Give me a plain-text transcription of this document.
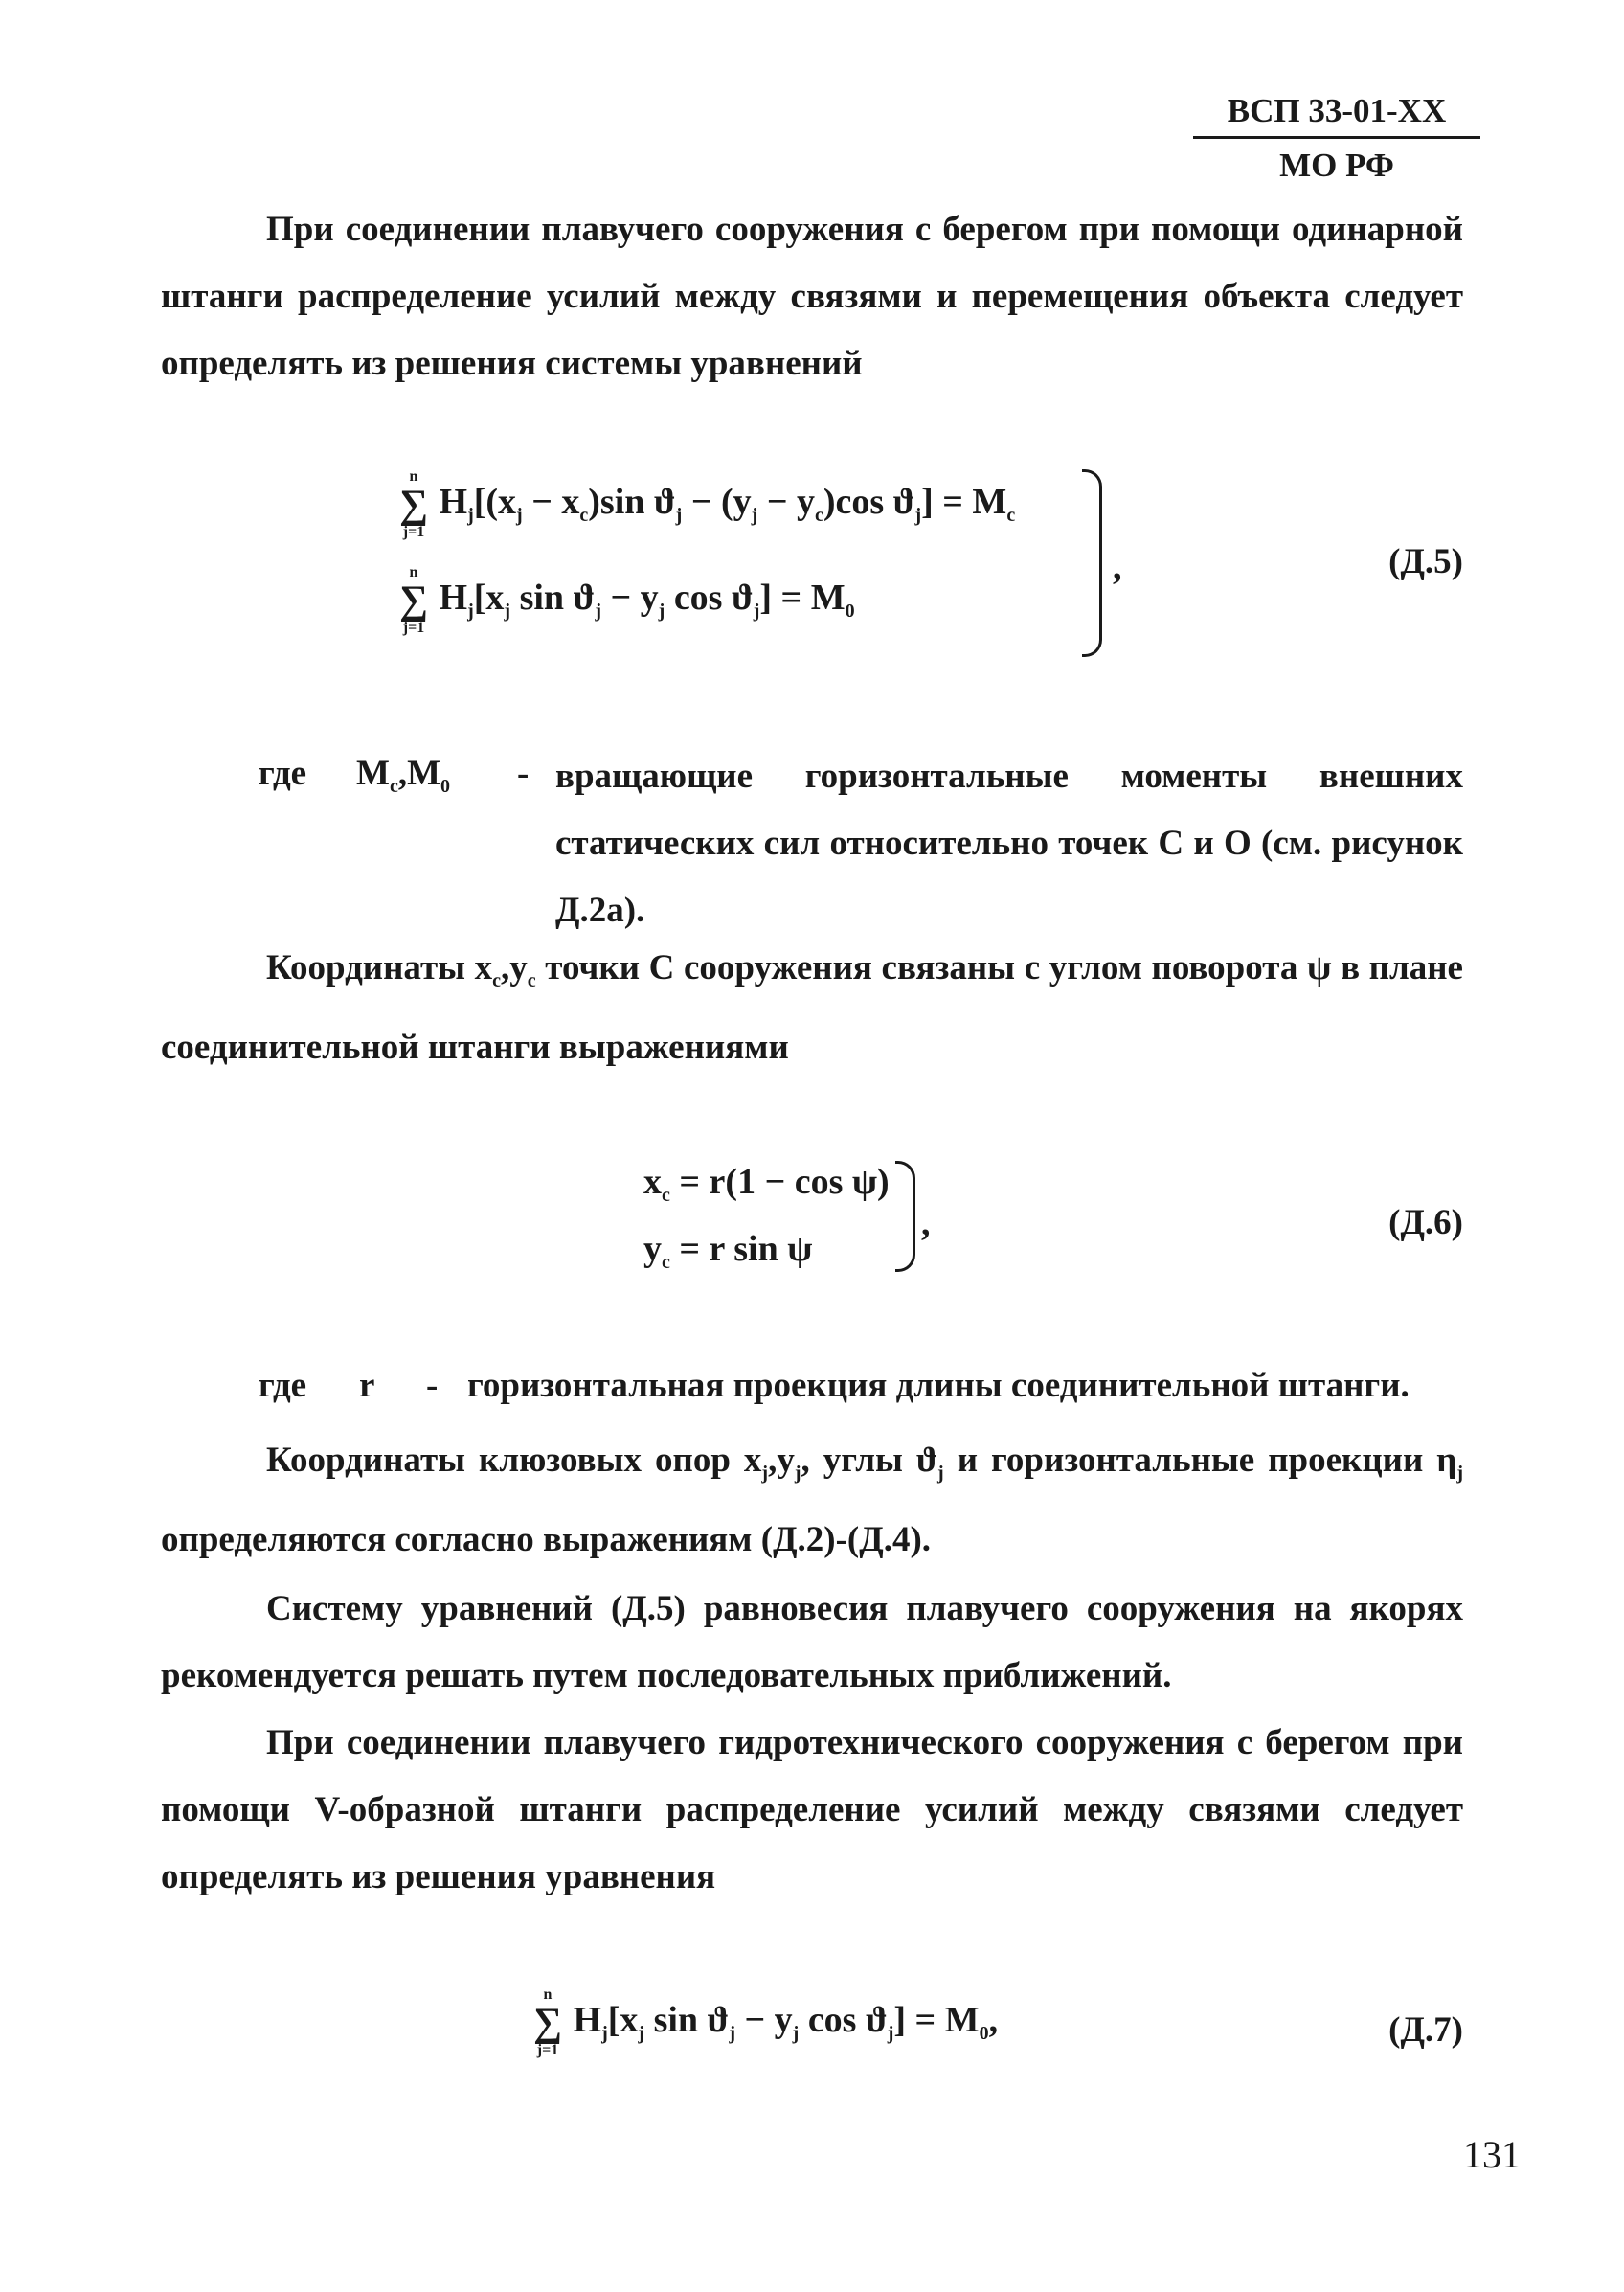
ВСП 33-01-ХХ
МО РФ
При соединении плавучего сооружения с берегом при помощи одинарной штанги распределение усилий между связями и перемещения объекта следует определять из решения системы уравнений
n
∑
j=1
$H_j[(x_j - x_c)\sin$ $ϑ_j - (y_j - y_c)\cos$ $ϑ_j] = M_c$
n
∑
j=1
$H_j[x_j$ $\sin ϑ_j - y_j$ $\cos ϑ_j] = M_0$
,	(Д.5)
где $M_c,M_0$ - вращающие горизонтальные моменты внешних статических сил относительно точек С и О (см. рисунок Д.2а).
Координаты $x_c,y_c$ точки С сооружения связаны с углом поворота ψ в плане соединительной штанги выражениями
$x_c = r(1 - \cos \psi)$
$y_c = r$ sin ψ
,	(Д.6)
где r - горизонтальная проекция длины соединительной штанги.
Координаты клюзовых опор $x_j,y_j$, углы $ϑ_j$ и горизонтальные проекции $\eta_j$ определяются согласно выражениям (Д.2)-(Д.4).
Систему уравнений (Д.5) равновесия плавучего сооружения на якорях рекомендуется решать путем последовательных приближений.
При соединении плавучего гидротехнического сооружения с берегом при помощи V-образной штанги распределение усилий между связями следует определять из решения уравнения
n
∑
j=1
$H_j[x_j$ $\sin ϑ_j - y_j$ $\cos ϑ_j] = M_0$,	(Д.7)
131
